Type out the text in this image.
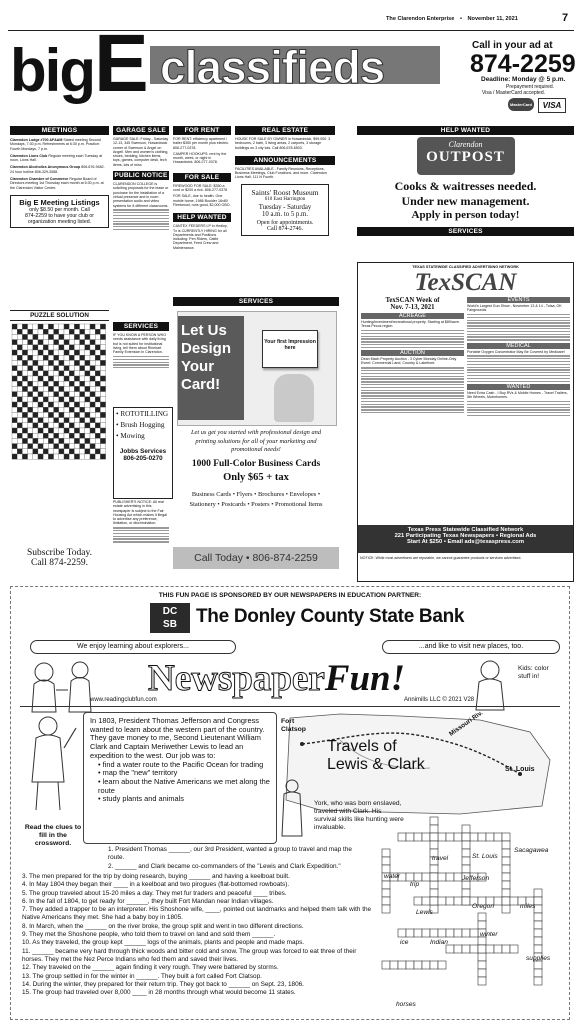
The Clarendon Enterprise • November 11, 2021	7
bigE classifieds	Call in your ad at
874-2259
Deadline: Monday @ 5 p.m.
Prepayment required.
Visa / MasterCard accepted.
MasterCard	VISA
MEETINGS
Clarendon Lodge #700 AF&AM Stated meeting Second Mondays, 7:30 p.m. Refreshments at 6:30 p.m. Practice: Fourth Mondays, 7 p.m.
Clarendon Lions Club Regular meeting each Tuesday at noon, Lions Hall.
Clarendon Alcoholics Anonymous Group 806-676-9482. 24 hour hotline 806-329-3088.
Clarendon Chamber of Commerce Regular Board of Directors meeting 1st Thursday each month at 6:30 p.m. at the Clarendon Visitor Center.
Big E Meeting Listings
only $8.50 per month. Call
874-2259 to have your club or
organization meeting listed.
PUZZLE SOLUTION
Subscribe Today.
Call 874-2259.
GARAGE SALE
GARAGE SALE: Friday - Saturday 12-13, 345 Swenson, Howardwick corner of Swenson & Angel on Angell. Men and women's clothing, shoes, bedding, kitchen items, toys, games, computer desk, tech items, lots of misc.
PUBLIC NOTICE
CLARENDON COLLEGE is soliciting proposals for the lease or purchase for the installation of a virtual presence and in room presentation audio and video systems for 8 different classrooms.
SERVICES
IF YOU KNOW A PERSON WHO needs assistance with daily living but is not suited for institutional living, tell them about Rinehart Family Extension in Clarendon.
• ROTOTILLING
• Brush Hogging
• Mowing
Jobbs Services
806-205-0270
PUBLISHER'S NOTICE: All real estate advertising in this newspaper is subject to the Fair Housing Act which makes it illegal to advertise any preference, limitation, or discrimination.
FOR RENT
FOR RENT: efficiency apartment / trailer $350 per month plus electric. 806-277-0378.
CAMPER HOOKUPS: rent by the month, week, or night in Howardwick. 806-277-0378.
FOR SALE
FIREWOOD FOR SALE: $350 a cord or $200 a rick. 806-277-0378
FOR SALE, due to health. One mobile home, 1986 Boulder 16x80 Fleetwood, runs good, $2,000 OBO.
HELP WANTED
CANTEX FEEDERS LP in Hedley, Tx is CURRENTLY HIRING for all Departments and Positions including: Pen Riders, Cattle Department, Feed Crew and Maintenance.
REAL ESTATE
HOUSE FOR SALE BY OWNER in Howardwick, $99,000. 3 bedrooms, 2 bath, 3 living areas, 2 carports, 3 storage buildings on 3 city lots. Call 806-678-6503.
ANNOUNCEMENTS
FACILITIES AVAILABLE - Family Reunions, Receptions, Business Meetings, Club Functions, and more. Clarendon Lions Hall, 111 N Fourth.
Saints' Roost Museum
610 East Harrington
Tuesday - Saturday
10 a.m. to 5 p.m.
Open for appointments.
Call 874-2746.
SERVICES
Let Us
Design
Your
Card!
Your first Impression here
Let us get you started with professional design and printing solutions for all of your marketing and promotional needs!
1000 Full-Color Business Cards
Only $65 + tax
Business Cards • Flyers • Brochures • Envelopes •
Stationery • Postcards • Posters • Promotional Items
Call Today • 806-874-2259
HELP WANTED
Clarendon
OUTPOST
Cooks & waitresses needed.
Under new management.
Apply in person today!
SERVICES
TEXAS STATEWIDE CLASSIFIED ADVERTISING NETWORK
TexSCAN
TexSCAN Week of
Nov. 7-13, 2021
ACREAGE
Hunting/investment/recreational property. Starting at $89/acre. Texas Pecos region.
AUCTION
Dean Mach Property Auction - 3 Cyber Monday Online-Only Event: Commercial Land, Country & Lakefront.
EVENTS
World's Largest Gun Show - November 13 & 14 - Tulsa, OK Fairgrounds.
MEDICAL
Portable Oxygen Concentrator May Be Covered by Medicare!
WANTED
Need Extra Cash - I Buy RVs & Mobile Homes - Travel Trailers, 5th Wheels, Motorhomes.
Texas Press Statewide Classified Network
221 Participating Texas Newspapers • Regional Ads
Start At $250 • Email ads@texaspress.com
NOTICE: While most advertisers are reputable, we cannot guarantee products or services advertised.
THIS FUN PAGE IS SPONSORED BY OUR NEWSPAPERS IN EDUCATION PARTNER:
DC
SB	The Donley County State Bank
We enjoy learning about explorers...	...and like to visit new places, too.
Kids: color stuff in!
NewspaperFun!
www.readingclubfun.com	Annimills LLC © 2021 V28
In 1803, President Thomas Jefferson and Congress wanted to learn about the western part of the country. They gave money to me, Second Lieutenant William Clark and Captain Meriwether Lewis to lead an expedition to the west. Our job was to:
• find a water route to the Pacific Ocean for trading
• map the "new" territory
• learn about the Native Americans we met along the route
• study plants and animals
Read the clues to fill in the crossword.
Travels of
Lewis & Clark
Fort Clatsop
St. Louis
Missouri Riv.
York, who was born enslaved, traveled with Clark. His survival skills like hunting were invaluable.
1. President Thomas ______, our 3rd President, wanted a group to travel and map the route.
2. ______ and Clark became co-commanders of the "Lewis and Clark Expedition."
3. The men prepared for the trip by doing research, buying ______ and having a keelboat built.
4. In May 1804 they began their ____ in a keelboat and two pirogues (flat-bottomed rowboats).
5. The group traveled about 15-20 miles a day. They met fur traders and peaceful ____ tribes.
6. In the fall of 1804, to get ready for ______, they built Fort Mandan near Indian villages.
7. They added a trapper to be an interpreter. His Shoshone wife, ____, pointed out landmarks and helped them talk with the Native Americans they met. She had a baby boy in 1805.
8. In March, when the ______ on the river broke, the group split and went in two different directions.
9. They met the Shoshone people, who told them to travel on land and sold them ______.
10. As they traveled, the group kept ______ logs of the animals, plants and people and made maps.
11. ______ became very hard through thick woods and bitter cold and snow. The group was forced to eat three of their horses. They met the Nez Perce Indians who fed them and saved their lives.
12. They traveled on the ______ again finding it very rough. They were battered by storms.
13. The group settled in for the winter in ______. They built a fort called Fort Clatsop.
14. During the winter, they prepared for their return trip. They got back to ______ on Sept. 23, 1806.
15. The group had traveled over 8,000 ____ in 28 months through what would become 11 states.
water
travel	St. Louis
Sacagawea
trip
Jefferson
Oregon
Lewis
miles
ice	Indian
winter
supplies
horses
